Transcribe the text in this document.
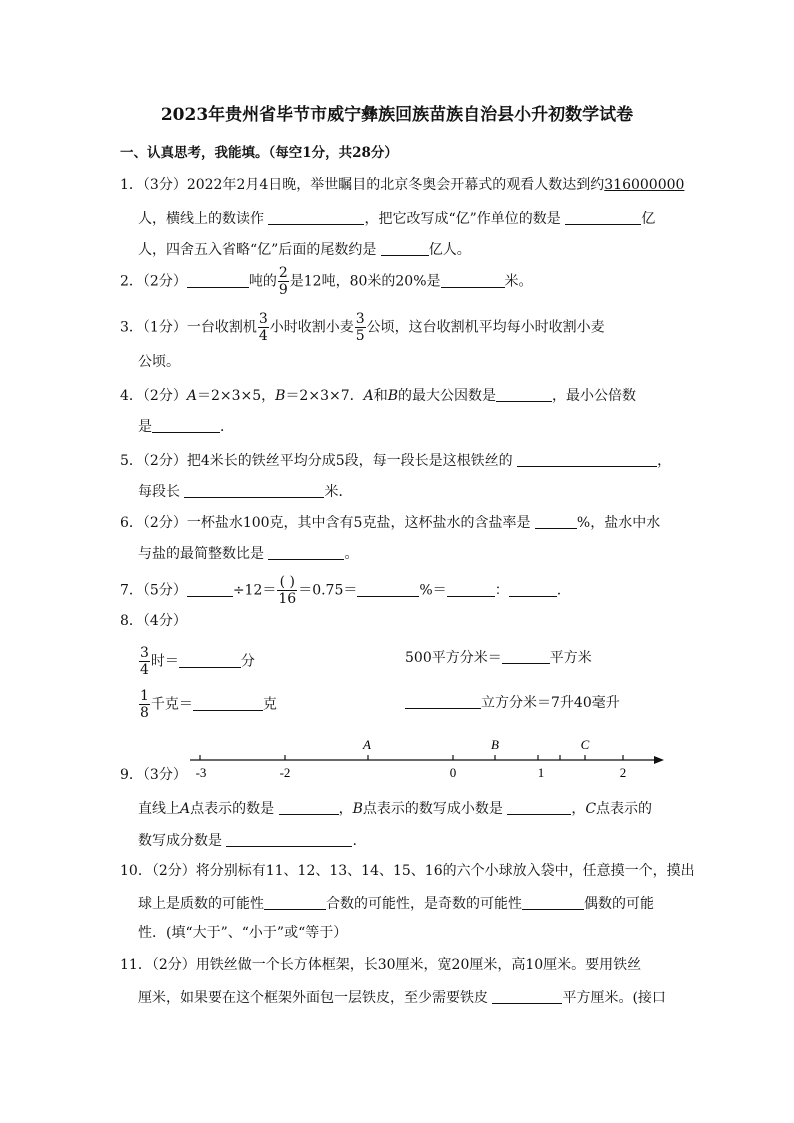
2023年贵州省毕节市威宁彝族回族苗族自治县小升初数学试卷
一、认真思考，我能填。（每空1分，共28分）
1．（3分）2022年2月4日晚，举世瞩目的北京冬奥会开幕式的观看人数达到约316000000
人，横线上的数读作	，把它改写成“亿”作单位的数是	亿
人，四舍五入省略“亿”后面的尾数约是	亿人。
2．（2分）	吨的 $\frac{2}{9}$ 是12吨，80米的20%是	米。
3．（1分）一台收割机 $\frac{3}{4}$ 小时收割小麦 $\frac{3}{5}$ 公顷，这台收割机平均每小时收割小麦
公顷。
4．（2分）A＝2×3×5，B＝2×3×7．A和B的最大公因数是	，最小公倍数
是	．
5．（2分）把4米长的铁丝平均分成5段，每一段长是这根铁丝的	，
每段长	米．
6．（2分）一杯盐水100克，其中含有5克盐，这杯盐水的含盐率是	%，盐水中水
与盐的最简整数比是	。
7．（5分）	$\div 12= \frac{( )}{16} =0.75=$	%＝	：	.
8．（4分）
$\frac{3}{4}$ 时＝	分	500平方分米＝	平方米
$\frac{1}{8}$ 千克＝	克	立方分米＝7升40毫升
9．（3分） -3	-2	0	1	2
A	B	C
直线上A点表示的数是	，B点表示的数写成小数是	，C点表示的
数写成分数是	.
10．（2分）将分别标有11、12、13、14、15、16的六个小球放入袋中，任意摸一个，摸出
球上是质数的可能性	合数的可能性，是奇数的可能性	偶数的可能
性．(填“大于”、“小于”或“等于）
11．（2分）用铁丝做一个长方体框架，长30厘米，宽20厘米，高10厘米。要用铁丝
厘米，如果要在这个框架外面包一层铁皮，至少需要铁皮	平方厘米。(接口
